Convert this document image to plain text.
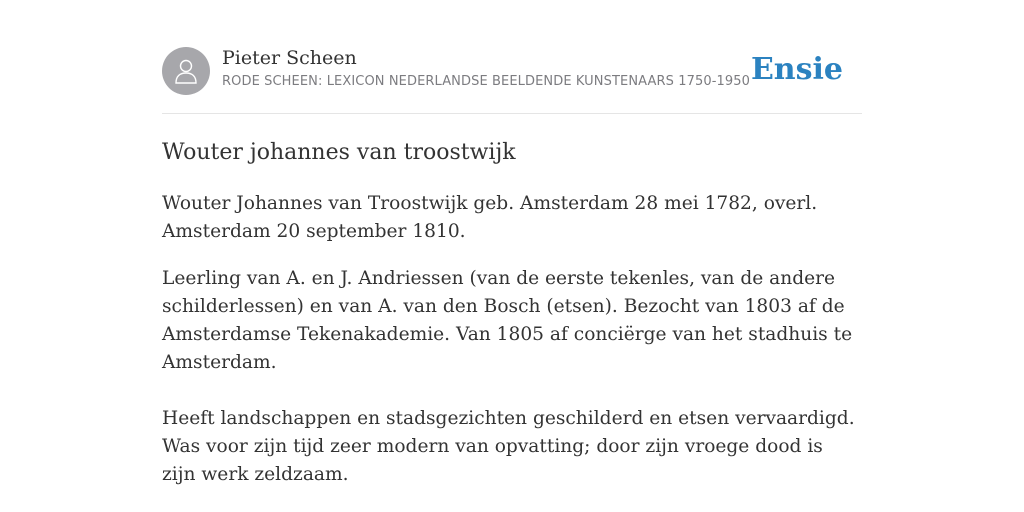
Pieter Scheen
RODE SCHEEN: LEXICON NEDERLANDSE BEELDENDE KUNSTENAARS 1750-1950 Ensie
Wouter johannes van troostwijk

Wouter Johannes van Troostwijk geb. Amsterdam 28 mei 1782, overl. Amsterdam 20 september 1810.

Leerling van A. en J. Andriessen (van de eerste tekenles, van de andere schilderlessen) en van A. van den Bosch (etsen). Bezocht van 1803 af de Amsterdamse Tekenakademie. Van 1805 af conciërge van het stadhuis te Amsterdam.

Heeft landschappen en stadsgezichten geschilderd en etsen vervaardigd. Was voor zijn tijd zeer modern van opvatting; door zijn vroege dood is zijn werk zeldzaam.
